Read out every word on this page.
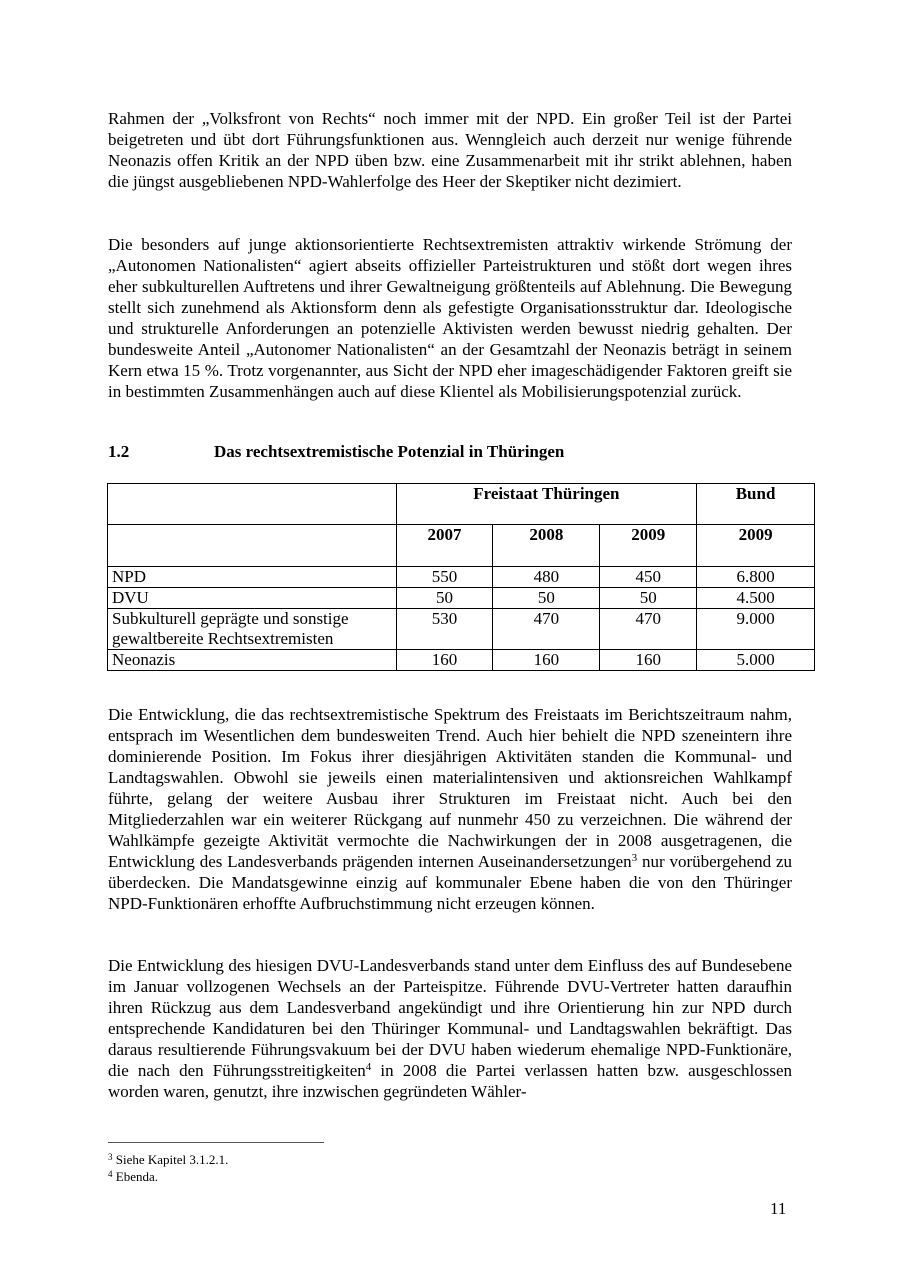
Rahmen der „Volksfront von Rechts“ noch immer mit der NPD. Ein großer Teil ist der Partei beigetreten und übt dort Führungsfunktionen aus. Wenngleich auch derzeit nur wenige führende Neonazis offen Kritik an der NPD üben bzw. eine Zusammenarbeit mit ihr strikt ablehnen, haben die jüngst ausgebliebenen NPD-Wahlerfolge des Heer der Skeptiker nicht dezimiert.

Die besonders auf junge aktionsorientierte Rechtsextremisten attraktiv wirkende Strömung der „Autonomen Nationalisten“ agiert abseits offizieller Parteistrukturen und stößt dort wegen ihres eher subkulturellen Auftretens und ihrer Gewaltneigung größtenteils auf Ablehnung. Die Bewegung stellt sich zunehmend als Aktionsform denn als gefestigte Organisationsstruktur dar. Ideologische und strukturelle Anforderungen an potenzielle Aktivisten werden bewusst niedrig gehalten. Der bundesweite Anteil „Autonomer Nationalisten“ an der Gesamtzahl der Neonazis beträgt in seinem Kern etwa 15 %. Trotz vorgenannter, aus Sicht der NPD eher imageschädigender Faktoren greift sie in bestimmten Zusammenhängen auch auf diese Klientel als Mobilisierungspotenzial zurück.

1.2	Das rechtsextremistische Potenzial in Thüringen
	Freistaat Thüringen			Bund
	2007	2008	2009	2009
NPD	550	480	450	6.800
DVU	50	50	50	4.500
Subkulturell geprägte und sonstige gewaltbereite Rechtsextremisten	530	470	470	9.000
Neonazis	160	160	160	5.000

Die Entwicklung, die das rechtsextremistische Spektrum des Freistaats im Berichtszeitraum nahm, entsprach im Wesentlichen dem bundesweiten Trend. Auch hier behielt die NPD szeneintern ihre dominierende Position. Im Fokus ihrer diesjährigen Aktivitäten standen die Kommunal- und Landtagswahlen. Obwohl sie jeweils einen materialintensiven und aktionsreichen Wahlkampf führte, gelang der weitere Ausbau ihrer Strukturen im Freistaat nicht. Auch bei den Mitgliederzahlen war ein weiterer Rückgang auf nunmehr 450 zu verzeichnen. Die während der Wahlkämpfe gezeigte Aktivität vermochte die Nachwirkungen der in 2008 ausgetragenen, die Entwicklung des Landesverbands prägenden internen Auseinandersetzungen$^3$ nur vorübergehend zu überdecken. Die Mandatsgewinne einzig auf kommunaler Ebene haben die von den Thüringer NPD-Funktionären erhoffte Aufbruchstimmung nicht erzeugen können.

Die Entwicklung des hiesigen DVU-Landesverbands stand unter dem Einfluss des auf Bundesebene im Januar vollzogenen Wechsels an der Parteispitze. Führende DVU-Vertreter hatten daraufhin ihren Rückzug aus dem Landesverband angekündigt und ihre Orientierung hin zur NPD durch entsprechende Kandidaturen bei den Thüringer Kommunal- und Landtagswahlen bekräftigt. Das daraus resultierende Führungsvakuum bei der DVU haben wiederum ehemalige NPD-Funktionäre, die nach den Führungsstreitigkeiten$^4$ in 2008 die Partei verlassen hatten bzw. ausgeschlossen worden waren, genutzt, ihre inzwischen gegründeten Wähler-

$^3$ Siehe Kapitel 3.1.2.1.
$^4$ Ebenda.
11
